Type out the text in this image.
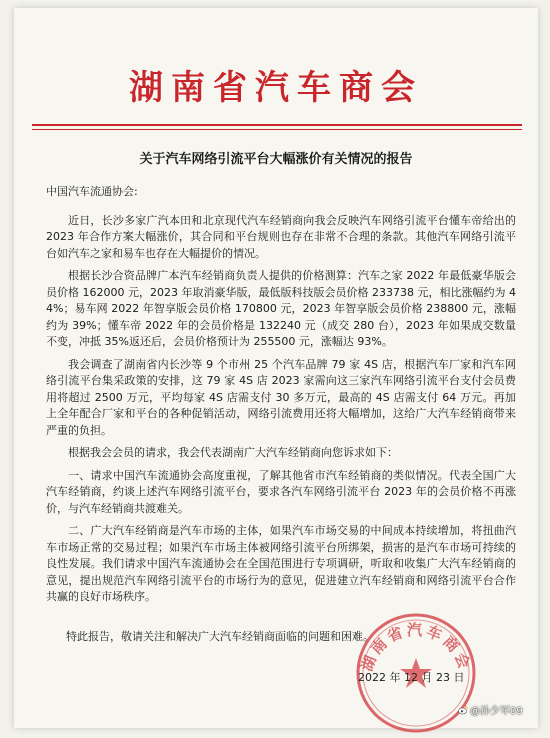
湖南省汽车商会
关于汽车网络引流平台大幅涨价有关情况的报告

中国汽车流通协会:

近日，长沙多家广汽本田和北京现代汽车经销商向我会反映汽车网络引流平台懂车帝给出的 2023 年合作方案大幅涨价，其合同和平台规则也存在非常不合理的条款。其他汽车网络引流平台如汽车之家和易车也存在大幅提价的情况。

根据长沙合资品牌广本汽车经销商负责人提供的价格测算：汽车之家 2022 年最低豪华版会员价格 162000 元，2023 年取消豪华版，最低版科技版会员价格 233738 元，相比涨幅约为 44%；易车网 2022 年智享版会员价格 170800 元，2023 年智享版会员价格 238800 元，涨幅约为 39%；懂车帝 2022 年的会员价格是 132240 元（成交 280 台），2023 年如果成交数量不变，冲抵 35%返还后，会员价格预计为 255500 元，涨幅达 93%。

我会调查了湖南省内长沙等 9 个市州 25 个汽车品牌 79 家 4S 店，根据汽车厂家和汽车网络引流平台集采政策的安排，这 79 家 4S 店 2023 家需向这三家汽车网络引流平台支付会员费用将超过 2500 万元，平均每家 4S 店需支付 30 多万元，最高的 4S 店需支付 64 万元。再加上全年配合厂家和平台的各种促销活动，网络引流费用还将大幅增加，这给广大汽车经销商带来严重的负担。

根据我会会员的请求，我会代表湖南广大汽车经销商向您诉求如下：

一、请求中国汽车流通协会高度重视，了解其他省市汽车经销商的类似情况。代表全国广大汽车经销商，约谈上述汽车网络引流平台，要求各汽车网络引流平台 2023 年的会员价格不再涨价，与汽车经销商共渡难关。

二、广大汽车经销商是汽车市场的主体，如果汽车市场交易的中间成本持续增加，将扭曲汽车市场正常的交易过程；如果汽车市场主体被网络引流平台所绑架，损害的是汽车市场可持续的良性发展。我们请求中国汽车流通协会在全国范围进行专项调研，听取和收集广大汽车经销商的意见，提出规范汽车网络引流平台的市场行为的意见，促进建立汽车经销商和网络引流平台合作共赢的良好市场秩序。

特此报告，敬请关注和解决广大汽车经销商面临的问题和困难。
湖南省汽车商会
2022 年 12 月 23 日
@孙少军09
